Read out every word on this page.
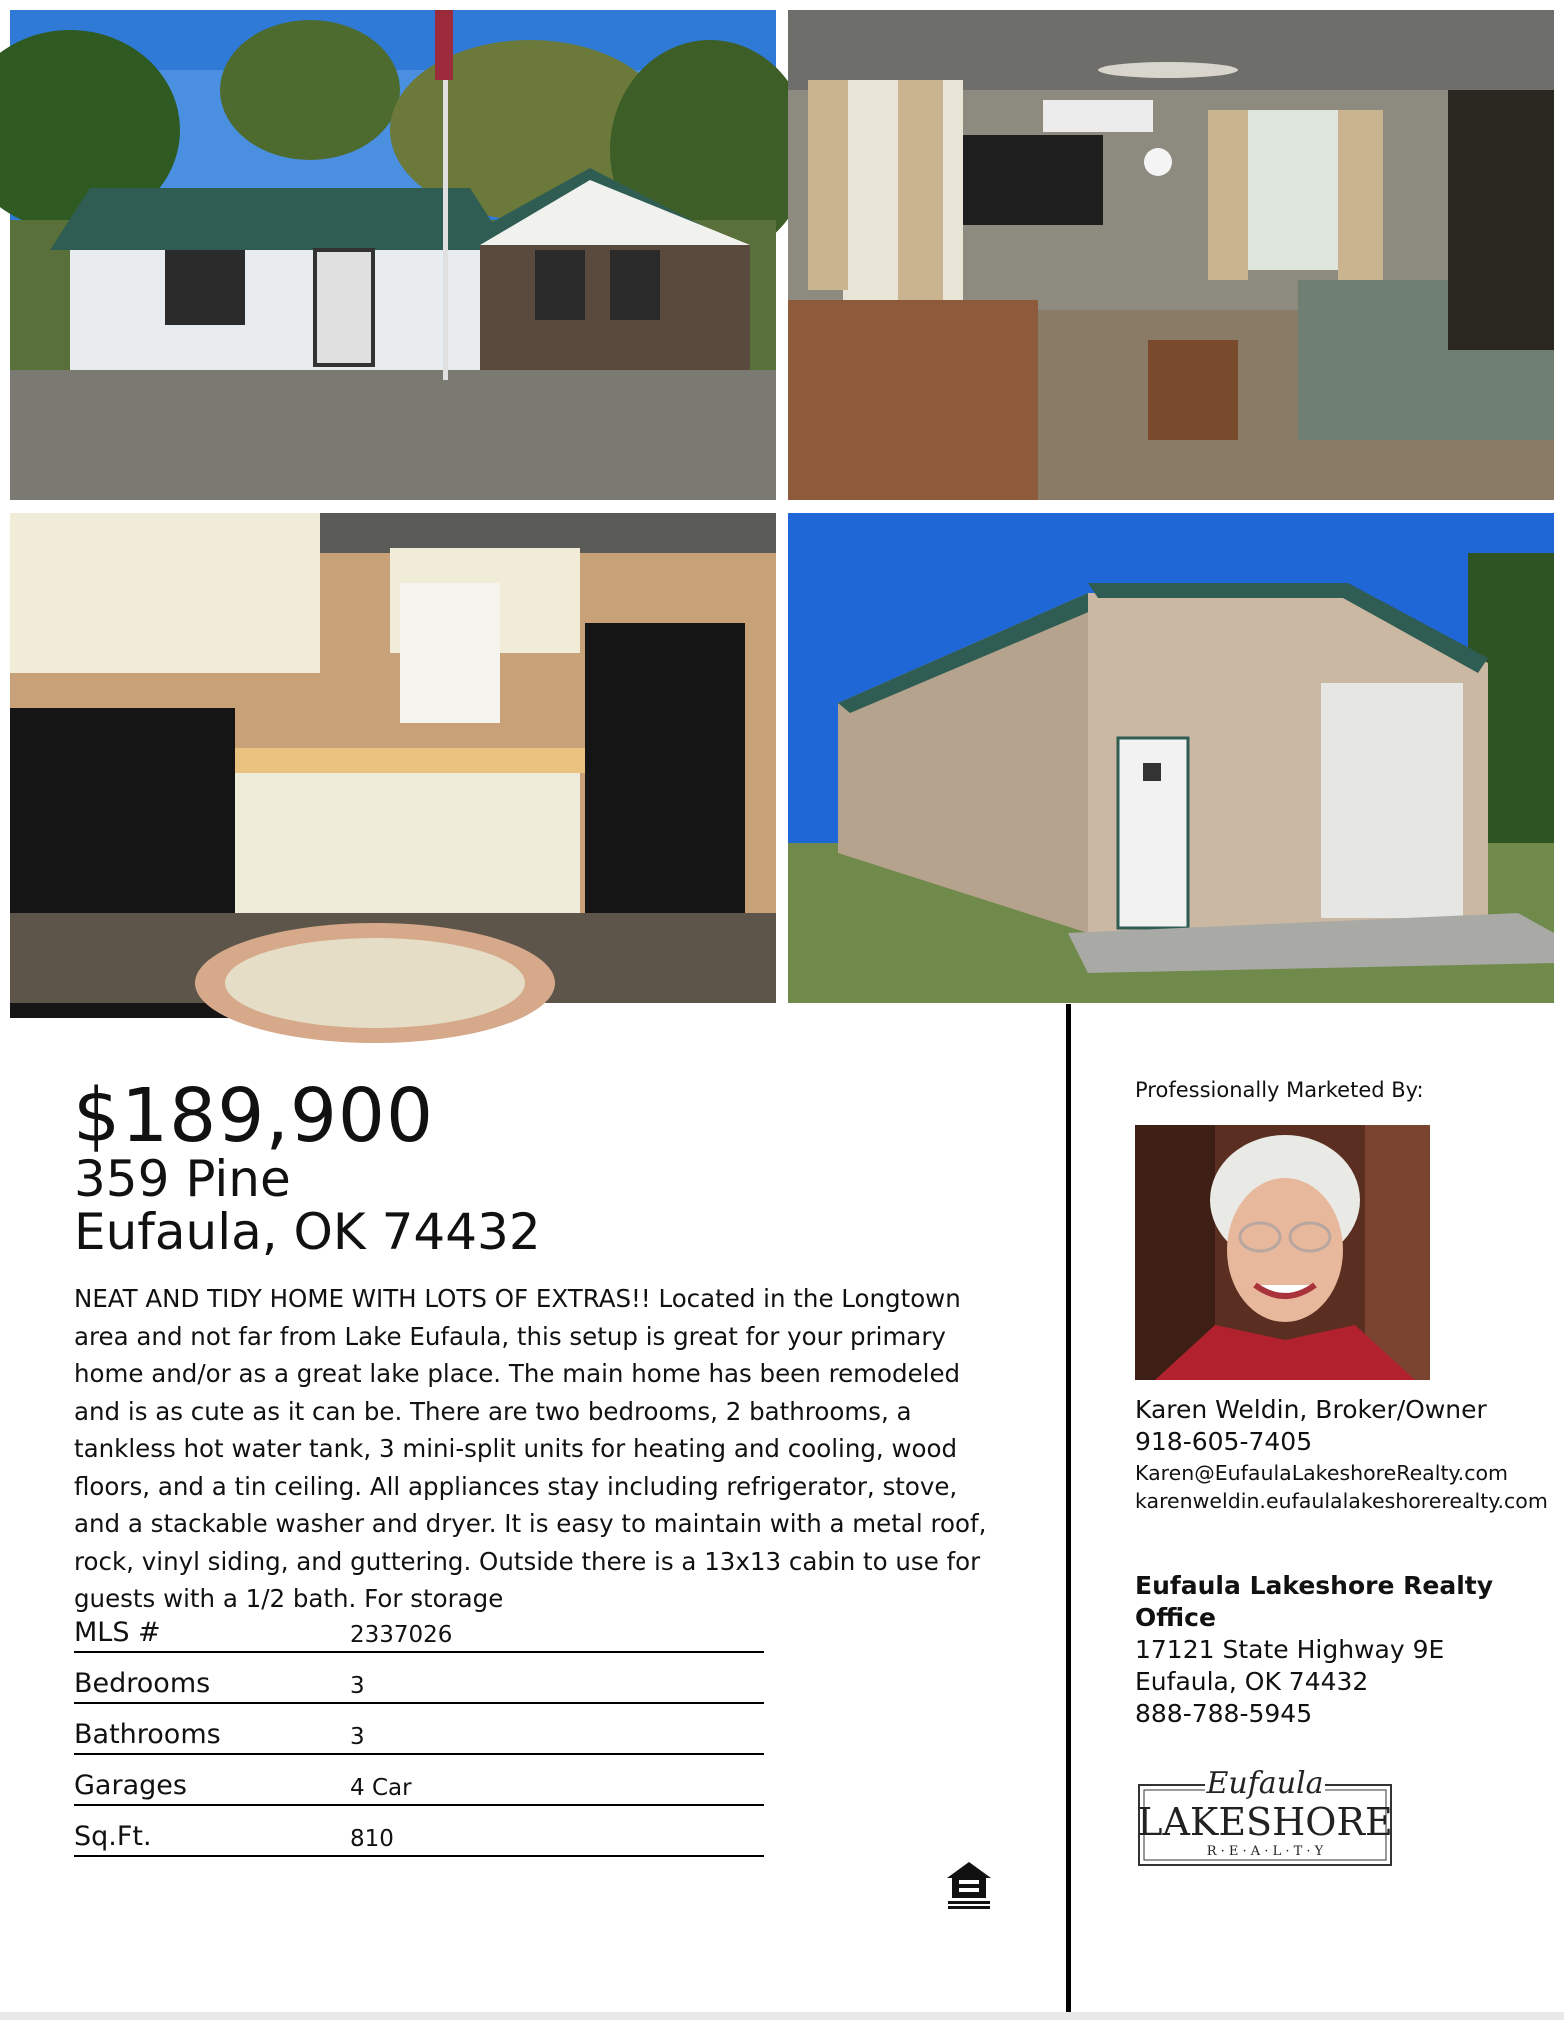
$189,900
359 Pine
Eufaula, OK 74432
NEAT AND TIDY HOME WITH LOTS OF EXTRAS!! Located in the Longtown area and not far from Lake Eufaula, this setup is great for your primary home and/or as a great lake place. The main home has been remodeled and is as cute as it can be. There are two bedrooms, 2 bathrooms, a tankless hot water tank, 3 mini-split units for heating and cooling, wood floors, and a tin ceiling. All appliances stay including refrigerator, stove, and a stackable washer and dryer. It is easy to maintain with a metal roof, rock, vinyl siding, and guttering. Outside there is a 13x13 cabin to use for guests with a 1/2 bath. For storage
MLS #	2337026
Bedrooms	3
Bathrooms	3
Garages	4 Car
Sq.Ft.	810
Professionally Marketed By:
Karen Weldin, Broker/Owner
918-605-7405
Karen@EufaulaLakeshoreRealty.com
karenweldin.eufaulalakeshorerealty.com
Eufaula Lakeshore Realty Office
17121 State Highway 9E
Eufaula, OK 74432
888-788-5945
Eufaula
LAKESHORE
R · E · A · L · T · Y
